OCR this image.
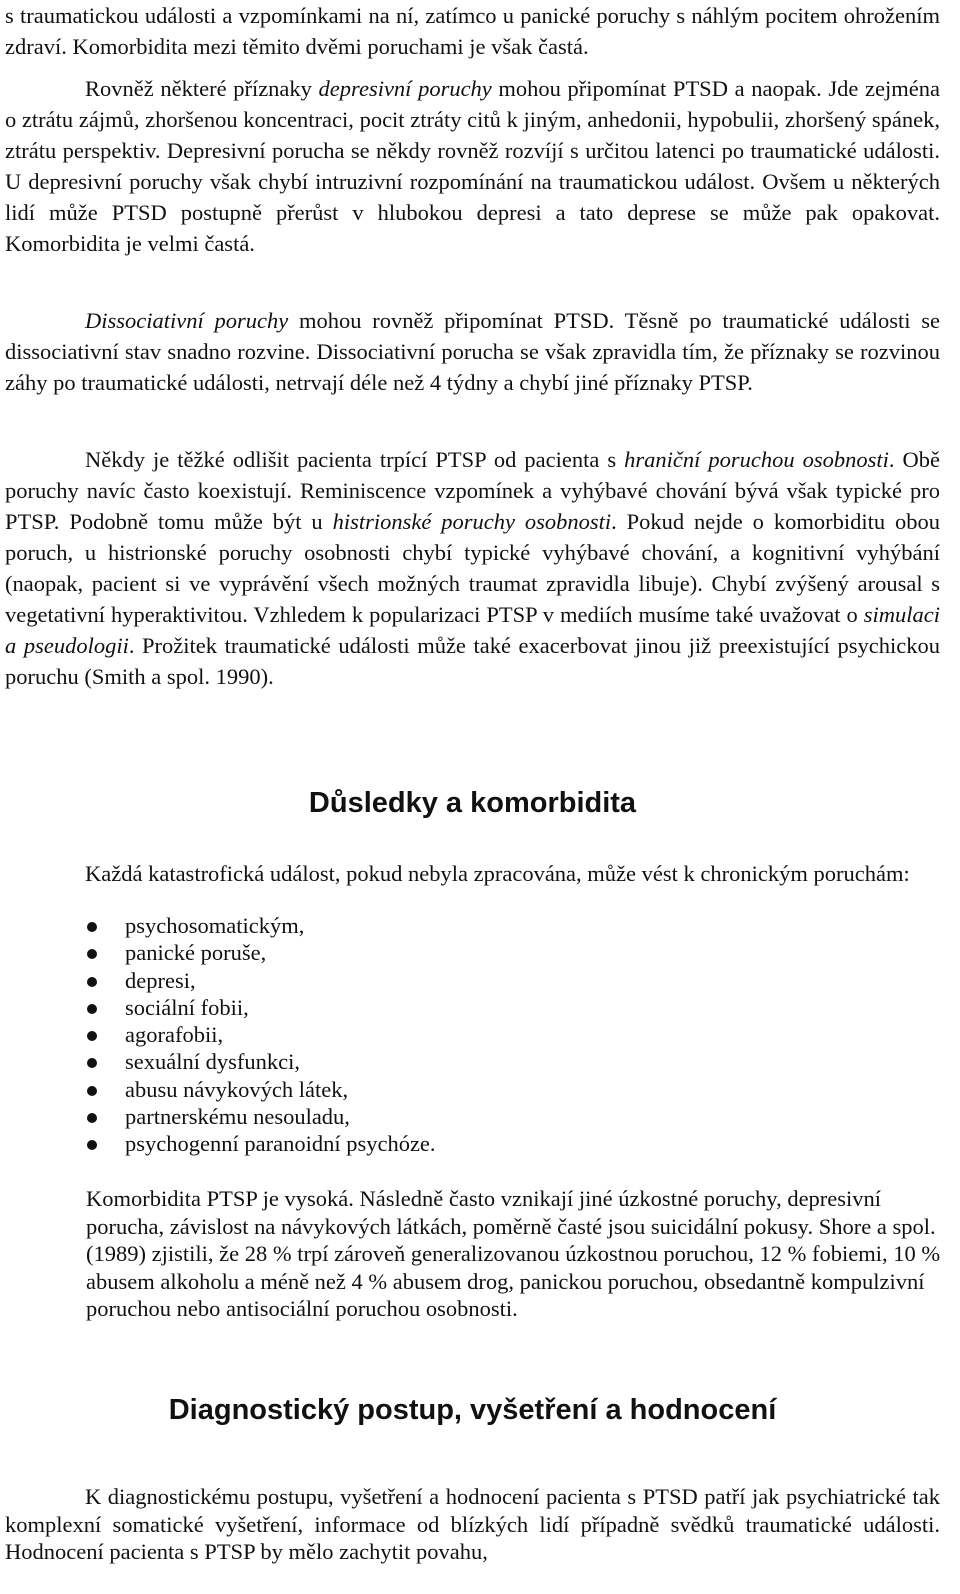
s traumatickou události a vzpomínkami na ní, zatímco u panické poruchy s náhlým pocitem ohrožením zdraví. Komorbidita mezi těmito dvěmi poruchami je však častá.

Rovněž některé příznaky depresivní poruchy mohou připomínat PTSD a naopak. Jde zejména o ztrátu zájmů, zhoršenou koncentraci, pocit ztráty citů k jiným, anhedonii, hypobulii, zhoršený spánek, ztrátu perspektiv. Depresivní porucha se někdy rovněž rozvíjí s určitou latenci po traumatické události. U depresivní poruchy však chybí intruzivní rozpomínání na traumatickou událost. Ovšem u některých lidí může PTSD postupně přerůst v hlubokou depresi a tato deprese se může pak opakovat. Komorbidita je velmi častá.

Dissociativní poruchy mohou rovněž připomínat PTSD. Těsně po traumatické události se dissociativní stav snadno rozvine. Dissociativní porucha se však zpravidla tím, že příznaky se rozvinou záhy po traumatické události, netrvají déle než 4 týdny a chybí jiné příznaky PTSP.

Někdy je těžké odlišit pacienta trpící PTSP od pacienta s hraniční poruchou osobnosti. Obě poruchy navíc často koexistují. Reminiscence vzpomínek a vyhýbavé chování bývá však typické pro PTSP. Podobně tomu může být u histrionské poruchy osobnosti. Pokud nejde o komorbiditu obou poruch, u histrionské poruchy osobnosti chybí typické vyhýbavé chování, a kognitivní vyhýbání (naopak, pacient si ve vyprávění všech možných traumat zpravidla libuje). Chybí zvýšený arousal s vegetativní hyperaktivitou. Vzhledem k popularizaci PTSP v mediích musíme také uvažovat o simulaci a pseudologii. Prožitek traumatické události může také exacerbovat jinou již preexistující psychickou poruchu (Smith a spol. 1990).

Důsledky a komorbidita

Každá katastrofická událost, pokud nebyla zpracována, může vést k chronickým poruchám:

psychosomatickým,
panické poruše,
depresi,
sociální fobii,
agorafobii,
sexuální dysfunkci,
abusu návykových látek,
partnerskému nesouladu,
psychogenní paranoidní psychóze.

Komorbidita PTSP je vysoká. Následně často vznikají jiné úzkostné poruchy, depresivní porucha, závislost na návykových látkách, poměrně časté jsou suicidální pokusy. Shore a spol. (1989) zjistili, že 28 % trpí zároveň generalizovanou úzkostnou poruchou, 12 % fobiemi, 10 % abusem alkoholu a méně než 4 % abusem drog, panickou poruchou, obsedantně kompulzivní poruchou nebo antisociální poruchou osobnosti.

Diagnostický postup, vyšetření a hodnocení

K diagnostickému postupu, vyšetření a hodnocení pacienta s PTSD patří jak psychiatrické tak komplexní somatické vyšetření, informace od blízkých lidí případně svědků traumatické události. Hodnocení pacienta s PTSP by mělo zachytit povahu,
